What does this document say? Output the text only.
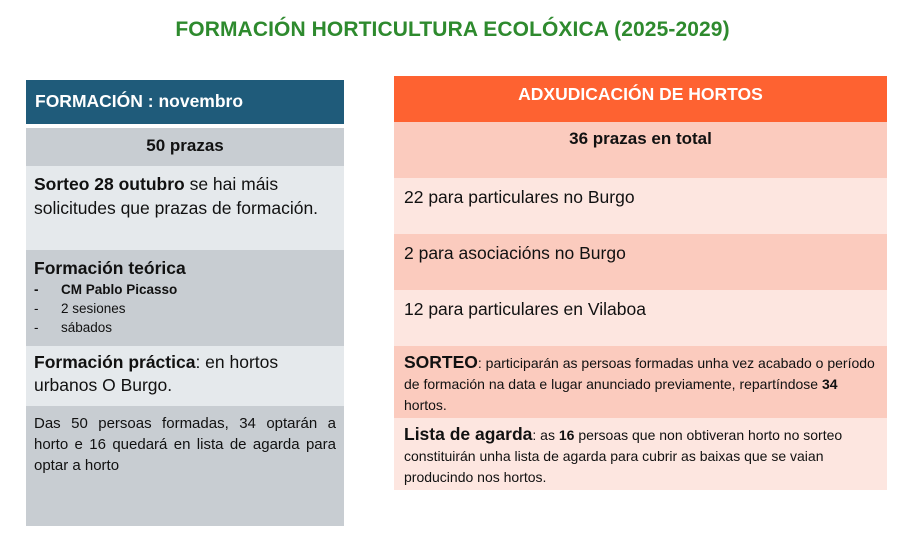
FORMACIÓN HORTICULTURA ECOLÓXICA (2025-2029)
FORMACIÓN : novembro
50 prazas
Sorteo 28 outubro se hai máis solicitudes que prazas de formación.
Formación teórica
- CM Pablo Picasso
- 2 sesiones
- sábados
Formación práctica: en hortos urbanos O Burgo.
Das 50 persoas formadas, 34 optarán a horto e 16 quedará en lista de agarda para optar a horto
ADXUDICACIÓN DE HORTOS
36 prazas en total
22 para particulares no Burgo
2 para asociacións no Burgo
12 para particulares en Vilaboa
SORTEO: participarán as persoas formadas unha vez acabado o período de formación na data e lugar anunciado previamente, repartíndose 34 hortos.
Lista de agarda: as 16 persoas que non obtiveran horto no sorteo constituirán unha lista de agarda para cubrir as baixas que se vaian producindo nos hortos.
